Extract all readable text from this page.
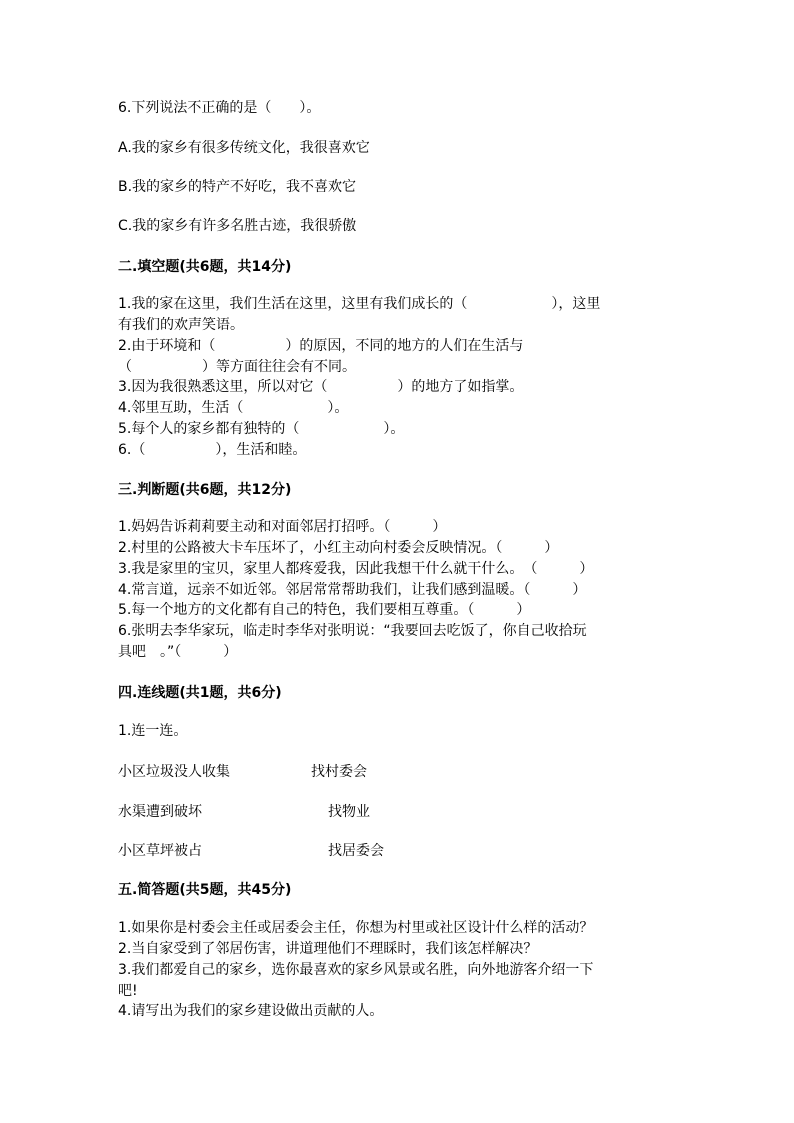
6.下列说法不正确的是（　　）。
A.我的家乡有很多传统文化，我很喜欢它
B.我的家乡的特产不好吃，我不喜欢它
C.我的家乡有许多名胜古迹，我很骄傲
二.填空题(共6题，共14分)
1.我的家在这里，我们生活在这里，这里有我们成长的（　　　　　　），这里
有我们的欢声笑语。
2.由于环境和（　　　　　）的原因，不同的地方的人们在生活与
（　　　　　）等方面往往会有不同。
3.因为我很熟悉这里，所以对它（　　　　　）的地方了如指掌。
4.邻里互助，生活（　　　　　　）。
5.每个人的家乡都有独特的（　　　　　　）。
6.（　　　　　），生活和睦。
三.判断题(共6题，共12分)
1.妈妈告诉莉莉要主动和对面邻居打招呼。（　　　）
2.村里的公路被大卡车压坏了，小红主动向村委会反映情况。（　　　）
3.我是家里的宝贝，家里人都疼爱我，因此我想干什么就干什么。　（　　　）
4.常言道，远亲不如近邻。邻居常常帮助我们，让我们感到温暖。（　　　）
5.每一个地方的文化都有自己的特色，我们要相互尊重。（　　　）
6.张明去李华家玩，临走时李华对张明说：“我要回去吃饭了，你自己收拾玩
具吧　。”（　　　）
四.连线题(共1题，共6分)
1.连一连。
小区垃圾没人收集	找村委会
水渠遭到破坏	找物业
小区草坪被占	找居委会
五.简答题(共5题，共45分)
1.如果你是村委会主任或居委会主任，你想为村里或社区设计什么样的活动？
2.当自家受到了邻居伤害，讲道理他们不理睬时，我们该怎样解决？
3.我们都爱自己的家乡，选你最喜欢的家乡风景或名胜，向外地游客介绍一下
吧!
4.请写出为我们的家乡建设做出贡献的人。
